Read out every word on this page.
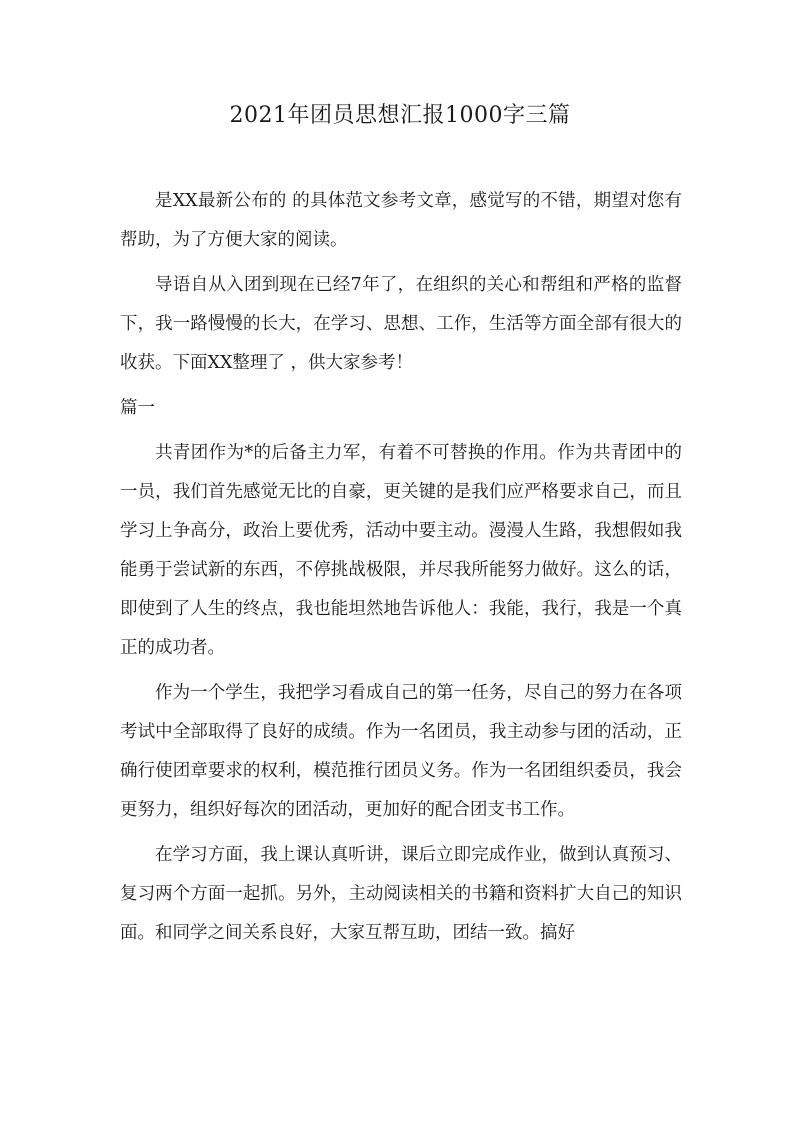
2021年团员思想汇报1000字三篇

是XX最新公布的 的具体范文参考文章，感觉写的不错，期望对您有帮助，为了方便大家的阅读。

导语自从入团到现在已经7年了，在组织的关心和帮组和严格的监督下，我一路慢慢的长大，在学习、思想、工作，生活等方面全部有很大的收获。下面XX整理了 ，供大家参考！

篇一

共青团作为*的后备主力军，有着不可替换的作用。作为共青团中的一员，我们首先感觉无比的自豪，更关键的是我们应严格要求自己，而且学习上争高分，政治上要优秀，活动中要主动。漫漫人生路，我想假如我能勇于尝试新的东西，不停挑战极限，并尽我所能努力做好。这么的话，即使到了人生的终点，我也能坦然地告诉他人：我能，我行，我是一个真正的成功者。

作为一个学生，我把学习看成自己的第一任务，尽自己的努力在各项考试中全部取得了良好的成绩。作为一名团员，我主动参与团的活动，正确行使团章要求的权利，模范推行团员义务。作为一名团组织委员，我会更努力，组织好每次的团活动，更加好的配合团支书工作。

在学习方面，我上课认真听讲，课后立即完成作业，做到认真预习、复习两个方面一起抓。另外，主动阅读相关的书籍和资料扩大自己的知识面。和同学之间关系良好，大家互帮互助，团结一致。搞好
